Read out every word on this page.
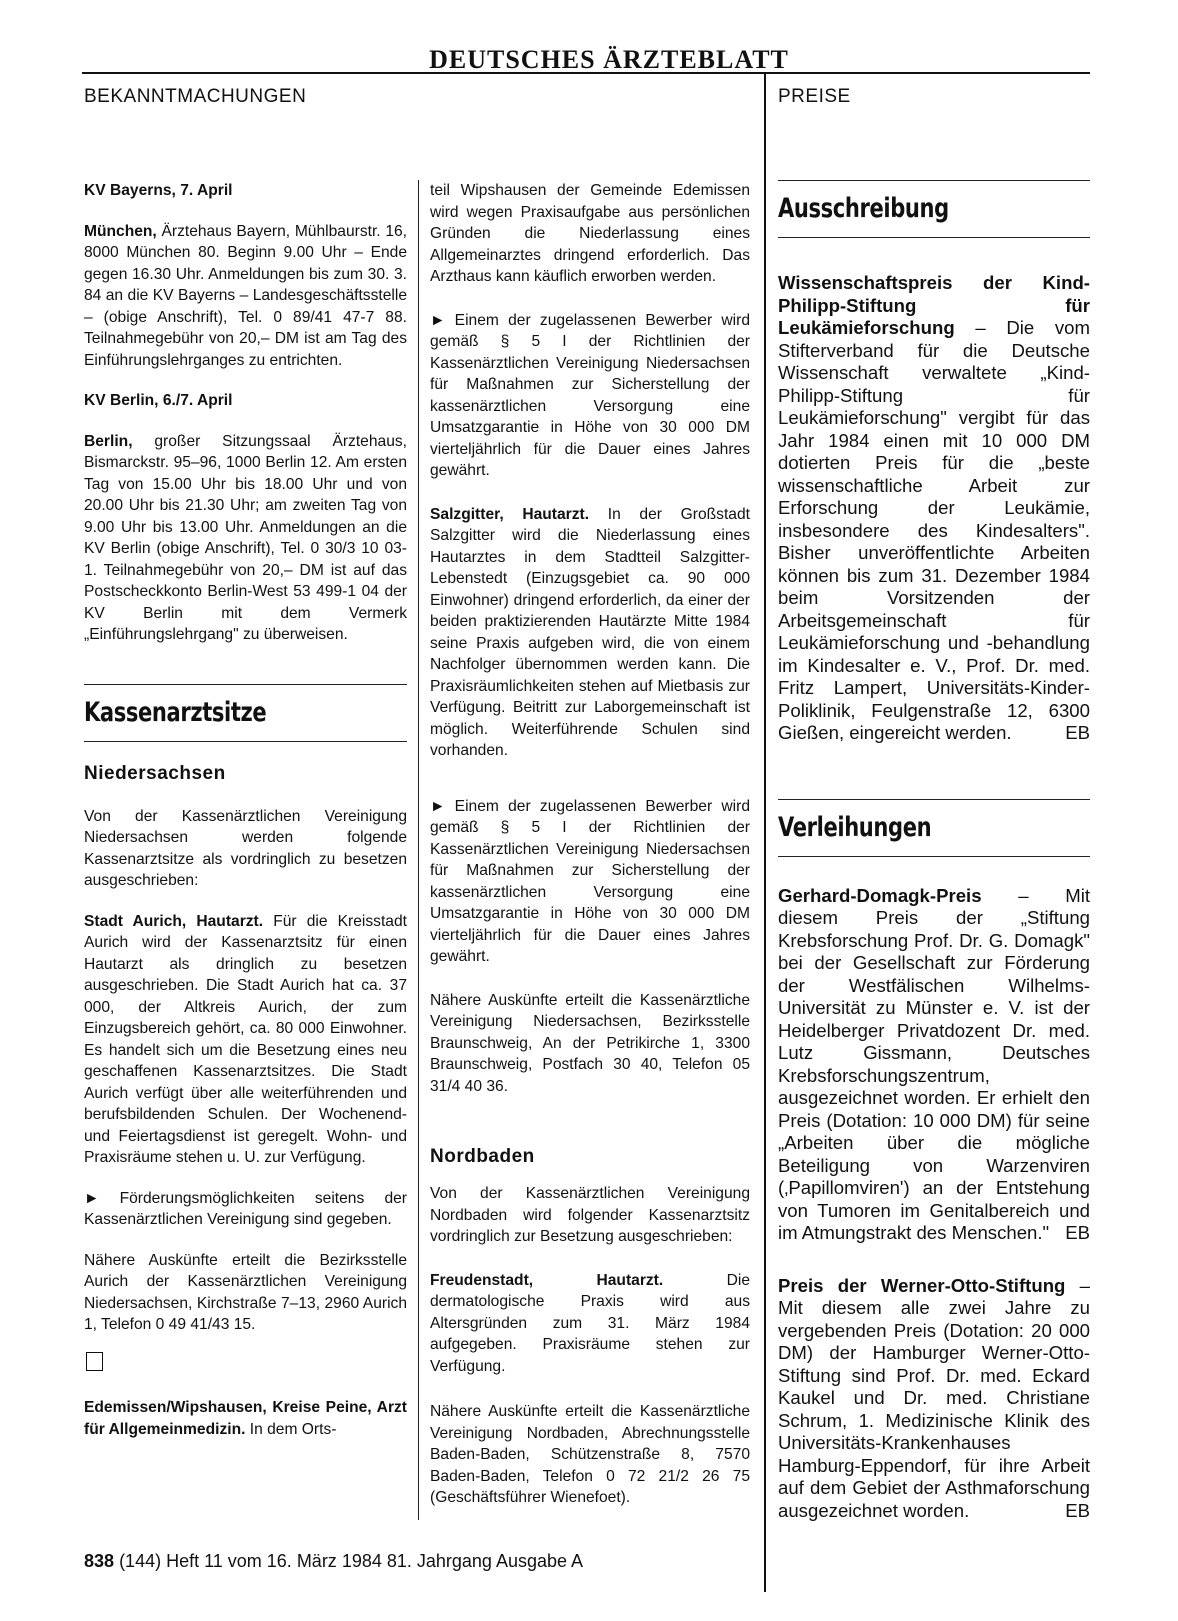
DEUTSCHES ÄRZTEBLATT
BEKANNTMACHUNGEN	PREISE

KV Bayerns, 7. April

München, Ärztehaus Bayern, Mühlbaurstr. 16, 8000 München 80. Beginn 9.00 Uhr – Ende gegen 16.30 Uhr. Anmeldungen bis zum 30. 3. 84 an die KV Bayerns – Landesgeschäftsstelle – (obige Anschrift), Tel. 0 89/41 47-7 88. Teilnahmegebühr von 20,– DM ist am Tag des Einführungslehrganges zu entrichten.

KV Berlin, 6./7. April

Berlin, großer Sitzungssaal Ärztehaus, Bismarckstr. 95–96, 1000 Berlin 12. Am ersten Tag von 15.00 Uhr bis 18.00 Uhr und von 20.00 Uhr bis 21.30 Uhr; am zweiten Tag von 9.00 Uhr bis 13.00 Uhr. Anmeldungen an die KV Berlin (obige Anschrift), Tel. 0 30/3 10 03-1. Teilnahmegebühr von 20,– DM ist auf das Postscheckkonto Berlin-West 53 499-1 04 der KV Berlin mit dem Vermerk „Einführungslehrgang" zu überweisen.

Kassenarztsitze
Niedersachsen

Von der Kassenärztlichen Vereinigung Niedersachsen werden folgende Kassenarztsitze als vordringlich zu besetzen ausgeschrieben:

Stadt Aurich, Hautarzt. Für die Kreisstadt Aurich wird der Kassenarztsitz für einen Hautarzt als dringlich zu besetzen ausgeschrieben. Die Stadt Aurich hat ca. 37 000, der Altkreis Aurich, der zum Einzugsbereich gehört, ca. 80 000 Einwohner. Es handelt sich um die Besetzung eines neu geschaffenen Kassenarztsitzes. Die Stadt Aurich verfügt über alle weiterführenden und berufsbildenden Schulen. Der Wochenend- und Feiertagsdienst ist geregelt. Wohn- und Praxisräume stehen u. U. zur Verfügung.

► Förderungsmöglichkeiten seitens der Kassenärztlichen Vereinigung sind gegeben.

Nähere Auskünfte erteilt die Bezirksstelle Aurich der Kassenärztlichen Vereinigung Niedersachsen, Kirchstraße 7–13, 2960 Aurich 1, Telefon 0 49 41/43 15.

Edemissen/Wipshausen, Kreise Peine, Arzt für Allgemeinmedizin. In dem Orts-

teil Wipshausen der Gemeinde Edemissen wird wegen Praxisaufgabe aus persönlichen Gründen die Niederlassung eines Allgemeinarztes dringend erforderlich. Das Arzthaus kann käuflich erworben werden.

► Einem der zugelassenen Bewerber wird gemäß § 5 I der Richtlinien der Kassenärztlichen Vereinigung Niedersachsen für Maßnahmen zur Sicherstellung der kassenärztlichen Versorgung eine Umsatzgarantie in Höhe von 30 000 DM vierteljährlich für die Dauer eines Jahres gewährt.

Salzgitter, Hautarzt. In der Großstadt Salzgitter wird die Niederlassung eines Hautarztes in dem Stadtteil Salzgitter-Lebenstedt (Einzugsgebiet ca. 90 000 Einwohner) dringend erforderlich, da einer der beiden praktizierenden Hautärzte Mitte 1984 seine Praxis aufgeben wird, die von einem Nachfolger übernommen werden kann. Die Praxisräumlichkeiten stehen auf Mietbasis zur Verfügung. Beitritt zur Laborgemeinschaft ist möglich. Weiterführende Schulen sind vorhanden.

► Einem der zugelassenen Bewerber wird gemäß § 5 I der Richtlinien der Kassenärztlichen Vereinigung Niedersachsen für Maßnahmen zur Sicherstellung der kassenärztlichen Versorgung eine Umsatzgarantie in Höhe von 30 000 DM vierteljährlich für die Dauer eines Jahres gewährt.

Nähere Auskünfte erteilt die Kassenärztliche Vereinigung Niedersachsen, Bezirksstelle Braunschweig, An der Petrikirche 1, 3300 Braunschweig, Postfach 30 40, Telefon 05 31/4 40 36.

Nordbaden

Von der Kassenärztlichen Vereinigung Nordbaden wird folgender Kassenarztsitz vordringlich zur Besetzung ausgeschrieben:

Freudenstadt, Hautarzt. Die dermatologische Praxis wird aus Altersgründen zum 31. März 1984 aufgegeben. Praxisräume stehen zur Verfügung.

Nähere Auskünfte erteilt die Kassenärztliche Vereinigung Nordbaden, Abrechnungsstelle Baden-Baden, Schützenstraße 8, 7570 Baden-Baden, Telefon 0 72 21/2 26 75 (Geschäftsführer Wienefoet).

Ausschreibung

Wissenschaftspreis der Kind-Philipp-Stiftung für Leukämieforschung – Die vom Stifterverband für die Deutsche Wissenschaft verwaltete „Kind-Philipp-Stiftung für Leukämieforschung" vergibt für das Jahr 1984 einen mit 10 000 DM dotierten Preis für die „beste wissenschaftliche Arbeit zur Erforschung der Leukämie, insbesondere des Kindesalters". Bisher unveröffentlichte Arbeiten können bis zum 31. Dezember 1984 beim Vorsitzenden der Arbeitsgemeinschaft für Leukämieforschung und -behandlung im Kindesalter e. V., Prof. Dr. med. Fritz Lampert, Universitäts-Kinder-Poliklinik, Feulgenstraße 12, 6300 Gießen, eingereicht werden.	EB

Verleihungen

Gerhard-Domagk-Preis – Mit diesem Preis der „Stiftung Krebsforschung Prof. Dr. G. Domagk" bei der Gesellschaft zur Förderung der Westfälischen Wilhelms-Universität zu Münster e. V. ist der Heidelberger Privatdozent Dr. med. Lutz Gissmann, Deutsches Krebsforschungszentrum, ausgezeichnet worden. Er erhielt den Preis (Dotation: 10 000 DM) für seine „Arbeiten über die mögliche Beteiligung von Warzenviren (‚Papillomviren') an der Entstehung von Tumoren im Genitalbereich und im Atmungstrakt des Menschen." EB

Preis der Werner-Otto-Stiftung – Mit diesem alle zwei Jahre zu vergebenden Preis (Dotation: 20 000 DM) der Hamburger Werner-Otto-Stiftung sind Prof. Dr. med. Eckard Kaukel und Dr. med. Christiane Schrum, 1. Medizinische Klinik des Universitäts-Krankenhauses Hamburg-Eppendorf, für ihre Arbeit auf dem Gebiet der Asthmaforschung ausgezeichnet worden.	EB

838 (144) Heft 11 vom 16. März 1984 81. Jahrgang Ausgabe A
